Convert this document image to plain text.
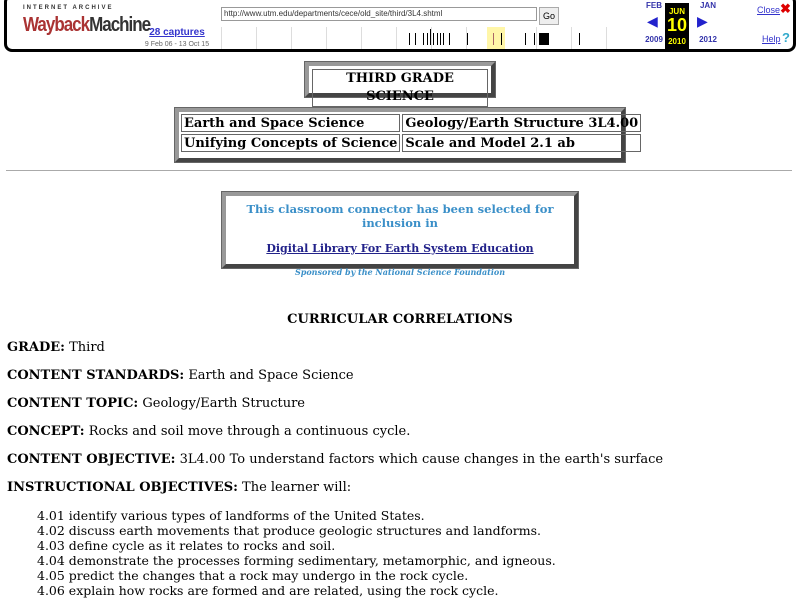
INTERNET ARCHIVE
WaybackMachine 28 captures
9 Feb 06 - 13 Oct 15
http://www.utm.edu/departments/cece/old_site/third/3L4.shtml	Go
FEB
◀
2009
JUN
10
2010
JAN
▶
2012
Close ✖
Help ?
THIRD GRADE SCIENCE
Earth and Space Science	Geology/Earth Structure 3L4.00
Unifying Concepts of Science	Scale and Model 2.1 ab
This classroom connector has been selected for inclusion in
Digital Library For Earth System Education
Sponsored by the National Science Foundation
CURRICULAR CORRELATIONS
GRADE: Third
CONTENT STANDARDS: Earth and Space Science
CONTENT TOPIC: Geology/Earth Structure
CONCEPT: Rocks and soil move through a continuous cycle.
CONTENT OBJECTIVE: 3L4.00 To understand factors which cause changes in the earth's surface
INSTRUCTIONAL OBJECTIVES: The learner will:
4.01 identify various types of landforms of the United States.
4.02 discuss earth movements that produce geologic structures and landforms.
4.03 define cycle as it relates to rocks and soil.
4.04 demonstrate the processes forming sedimentary, metamorphic, and igneous.
4.05 predict the changes that a rock may undergo in the rock cycle.
4.06 explain how rocks are formed and are related, using the rock cycle.
